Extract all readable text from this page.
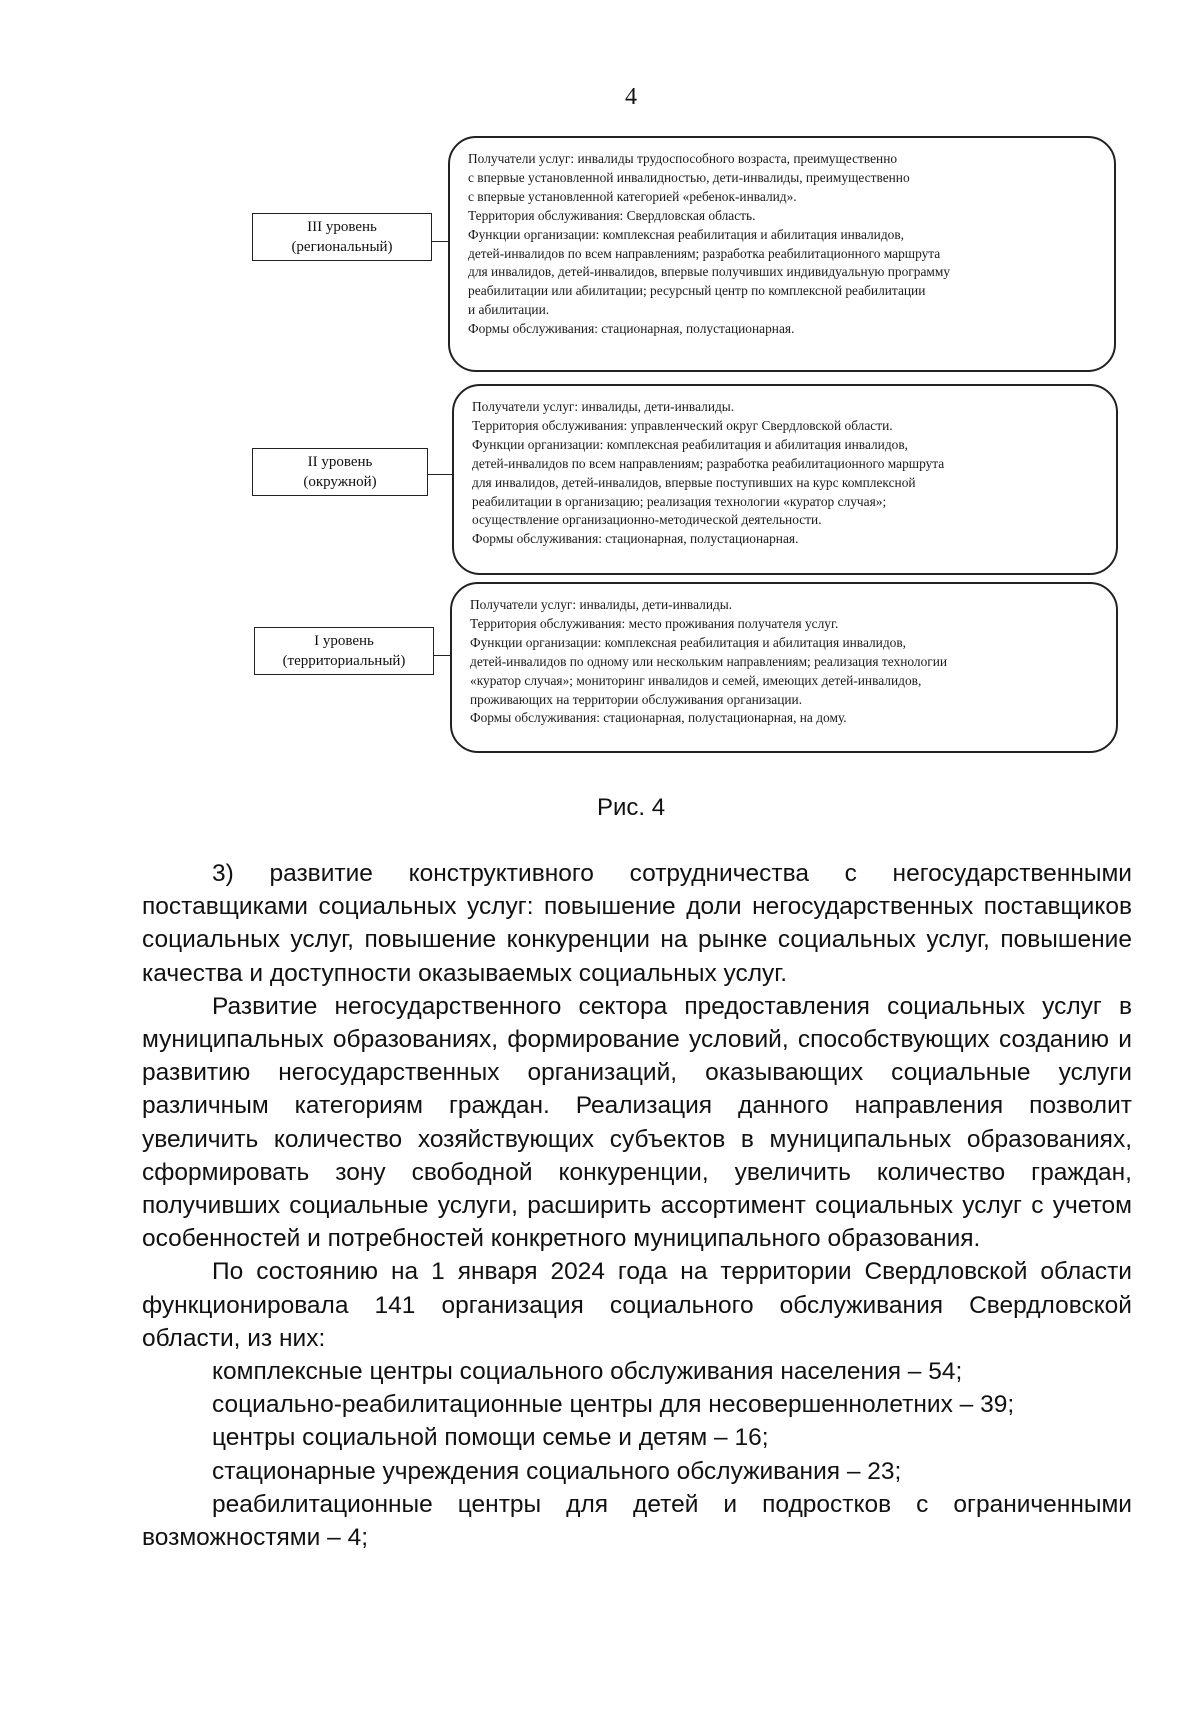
4
III уровень
(региональный)
Получатели услуг: инвалиды трудоспособного возраста, преимущественно
с впервые установленной инвалидностью, дети-инвалиды, преимущественно
с впервые установленной категорией «ребенок-инвалид».
Территория обслуживания: Свердловская область.
Функции организации: комплексная реабилитация и абилитация инвалидов,
детей-инвалидов по всем направлениям; разработка реабилитационного маршрута
для инвалидов, детей-инвалидов, впервые получивших индивидуальную программу
реабилитации или абилитации; ресурсный центр по комплексной реабилитации
и абилитации.
Формы обслуживания: стационарная, полустационарная.
II уровень
(окружной)
Получатели услуг: инвалиды, дети-инвалиды.
Территория обслуживания: управленческий округ Свердловской области.
Функции организации: комплексная реабилитация и абилитация инвалидов,
детей-инвалидов по всем направлениям; разработка реабилитационного маршрута
для инвалидов, детей-инвалидов, впервые поступивших на курс комплексной
реабилитации в организацию; реализация технологии «куратор случая»;
осуществление организационно-методической деятельности.
Формы обслуживания: стационарная, полустационарная.
I уровень
(территориальный)
Получатели услуг: инвалиды, дети-инвалиды.
Территория обслуживания: место проживания получателя услуг.
Функции организации: комплексная реабилитация и абилитация инвалидов,
детей-инвалидов по одному или нескольким направлениям; реализация технологии
«куратор случая»; мониторинг инвалидов и семей, имеющих детей-инвалидов,
проживающих на территории обслуживания организации.
Формы обслуживания: стационарная, полустационарная, на дому.
Рис. 4

3) развитие конструктивного сотрудничества с негосударственными поставщиками социальных услуг: повышение доли негосударственных поставщиков социальных услуг, повышение конкуренции на рынке социальных услуг, повышение качества и доступности оказываемых социальных услуг.

Развитие негосударственного сектора предоставления социальных услуг в муниципальных образованиях, формирование условий, способствующих созданию и развитию негосударственных организаций, оказывающих социальные услуги различным категориям граждан. Реализация данного направления позволит увеличить количество хозяйствующих субъектов в муниципальных образованиях, сформировать зону свободной конкуренции, увеличить количество граждан, получивших социальные услуги, расширить ассортимент социальных услуг с учетом особенностей и потребностей конкретного муниципального образования.

По состоянию на 1 января 2024 года на территории Свердловской области функционировала 141 организация социального обслуживания Свердловской области, из них:

комплексные центры социального обслуживания населения – 54;

социально-реабилитационные центры для несовершеннолетних – 39;

центры социальной помощи семье и детям – 16;

стационарные учреждения социального обслуживания – 23;

реабилитационные центры для детей и подростков с ограниченными возможностями – 4;
